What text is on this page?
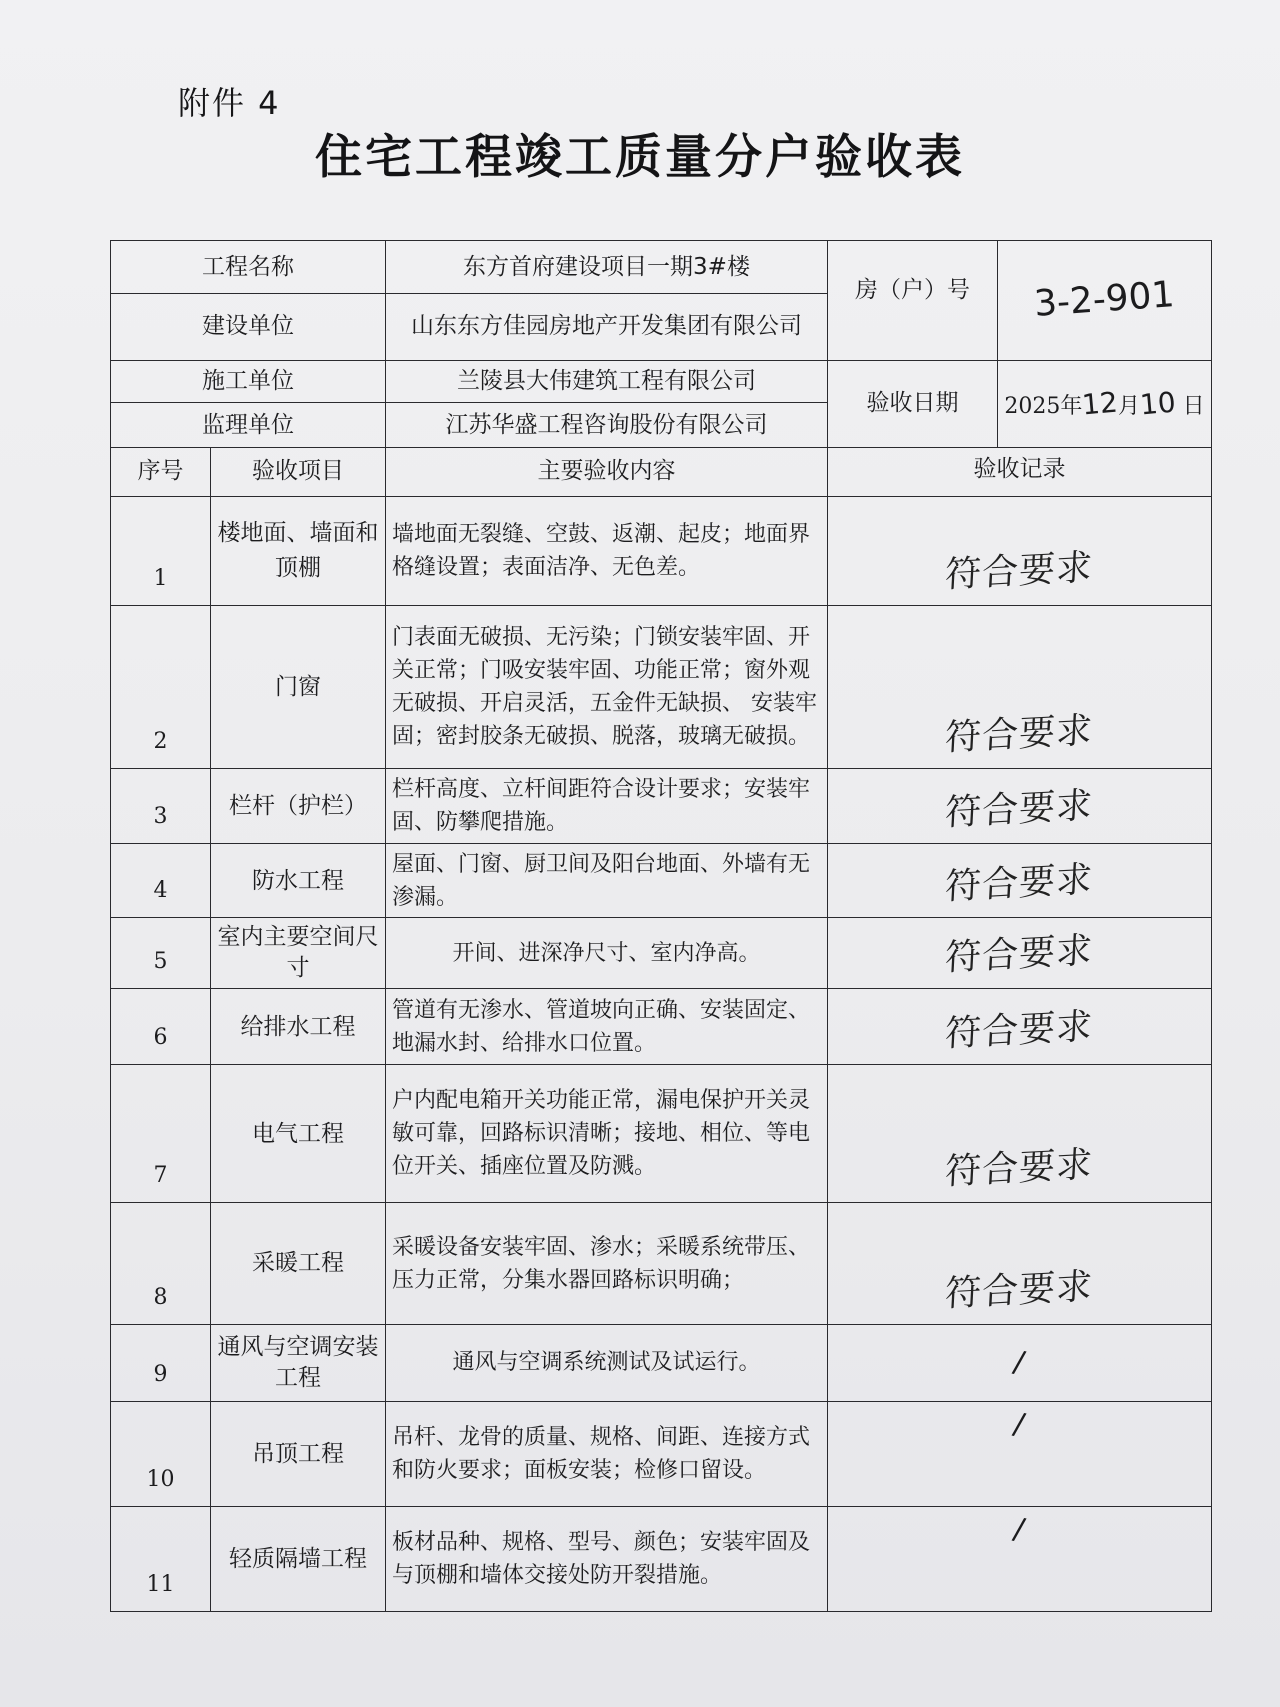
附件 4
住宅工程竣工质量分户验收表
工程名称		东方首府建设项目一期3#楼	房（户）号	3-2-901
建设单位		山东东方佳园房地产开发集团有限公司		
施工单位		兰陵县大伟建筑工程有限公司	验收日期	2025年12月10 日
监理单位		江苏华盛工程咨询股份有限公司		
序号	验收项目	主要验收内容	验收记录	
1	楼地面、墙面和顶棚	墙地面无裂缝、空鼓、返潮、起皮；地面界格缝设置；表面洁净、无色差。	符合要求	
2	门窗	门表面无破损、无污染；门锁安装牢固、开关正常；门吸安装牢固、功能正常；窗外观无破损、开启灵活，五金件无缺损、 安装牢固；密封胶条无破损、脱落，玻璃无破损。	符合要求	
3	栏杆（护栏）	栏杆高度、立杆间距符合设计要求；安装牢固、防攀爬措施。	符合要求	
4	防水工程	屋面、门窗、厨卫间及阳台地面、外墙有无渗漏。	符合要求	
5	室内主要空间尺寸	开间、进深净尺寸、室内净高。	符合要求	
6	给排水工程	管道有无渗水、管道坡向正确、安装固定、地漏水封、给排水口位置。	符合要求	
7	电气工程	户内配电箱开关功能正常，漏电保护开关灵敏可靠，回路标识清晰；接地、相位、等电位开关、插座位置及防溅。	符合要求	
8	采暖工程	采暖设备安装牢固、渗水；采暖系统带压、压力正常，分集水器回路标识明确；	符合要求	
9	通风与空调安装工程	通风与空调系统测试及试运行。	/	
10	吊顶工程	吊杆、龙骨的质量、规格、间距、连接方式和防火要求；面板安装；检修口留设。	/	
11	轻质隔墙工程	板材品种、规格、型号、颜色；安装牢固及与顶棚和墙体交接处防开裂措施。	/	
